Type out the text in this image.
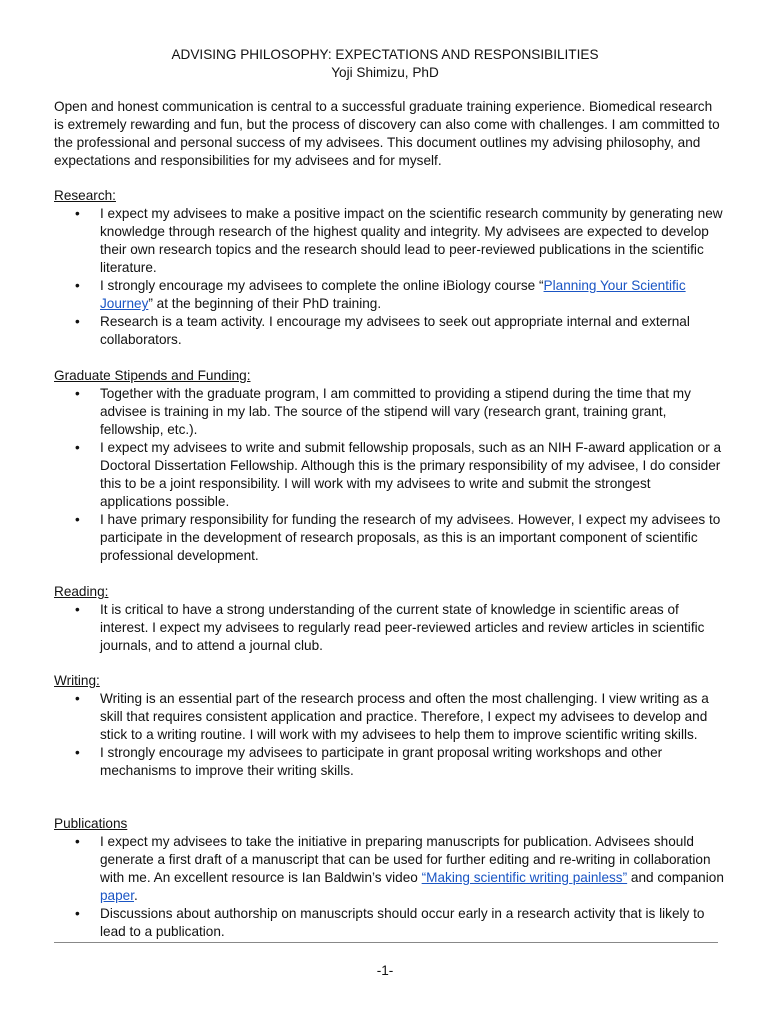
ADVISING PHILOSOPHY: EXPECTATIONS AND RESPONSIBILITIES
Yoji Shimizu, PhD

Open and honest communication is central to a successful graduate training experience. Biomedical research is extremely rewarding and fun, but the process of discovery can also come with challenges. I am committed to the professional and personal success of my advisees. This document outlines my advising philosophy, and expectations and responsibilities for my advisees and for myself.

Research:
• I expect my advisees to make a positive impact on the scientific research community by generating new knowledge through research of the highest quality and integrity. My advisees are expected to develop their own research topics and the research should lead to peer-reviewed publications in the scientific literature.
• I strongly encourage my advisees to complete the online iBiology course “Planning Your Scientific Journey” at the beginning of their PhD training.
• Research is a team activity. I encourage my advisees to seek out appropriate internal and external collaborators.
Graduate Stipends and Funding:
• Together with the graduate program, I am committed to providing a stipend during the time that my advisee is training in my lab. The source of the stipend will vary (research grant, training grant, fellowship, etc.).
• I expect my advisees to write and submit fellowship proposals, such as an NIH F-award application or a Doctoral Dissertation Fellowship. Although this is the primary responsibility of my advisee, I do consider this to be a joint responsibility. I will work with my advisees to write and submit the strongest applications possible.
• I have primary responsibility for funding the research of my advisees. However, I expect my advisees to participate in the development of research proposals, as this is an important component of scientific professional development.
Reading:
• It is critical to have a strong understanding of the current state of knowledge in scientific areas of interest. I expect my advisees to regularly read peer-reviewed articles and review articles in scientific journals, and to attend a journal club.
Writing:
• Writing is an essential part of the research process and often the most challenging. I view writing as a skill that requires consistent application and practice. Therefore, I expect my advisees to develop and stick to a writing routine. I will work with my advisees to help them to improve scientific writing skills.
• I strongly encourage my advisees to participate in grant proposal writing workshops and other mechanisms to improve their writing skills.
Publications
• I expect my advisees to take the initiative in preparing manuscripts for publication. Advisees should generate a first draft of a manuscript that can be used for further editing and re-writing in collaboration with me. An excellent resource is Ian Baldwin’s video “Making scientific writing painless” and companion paper.
• Discussions about authorship on manuscripts should occur early in a research activity that is likely to lead to a publication.
-1-
